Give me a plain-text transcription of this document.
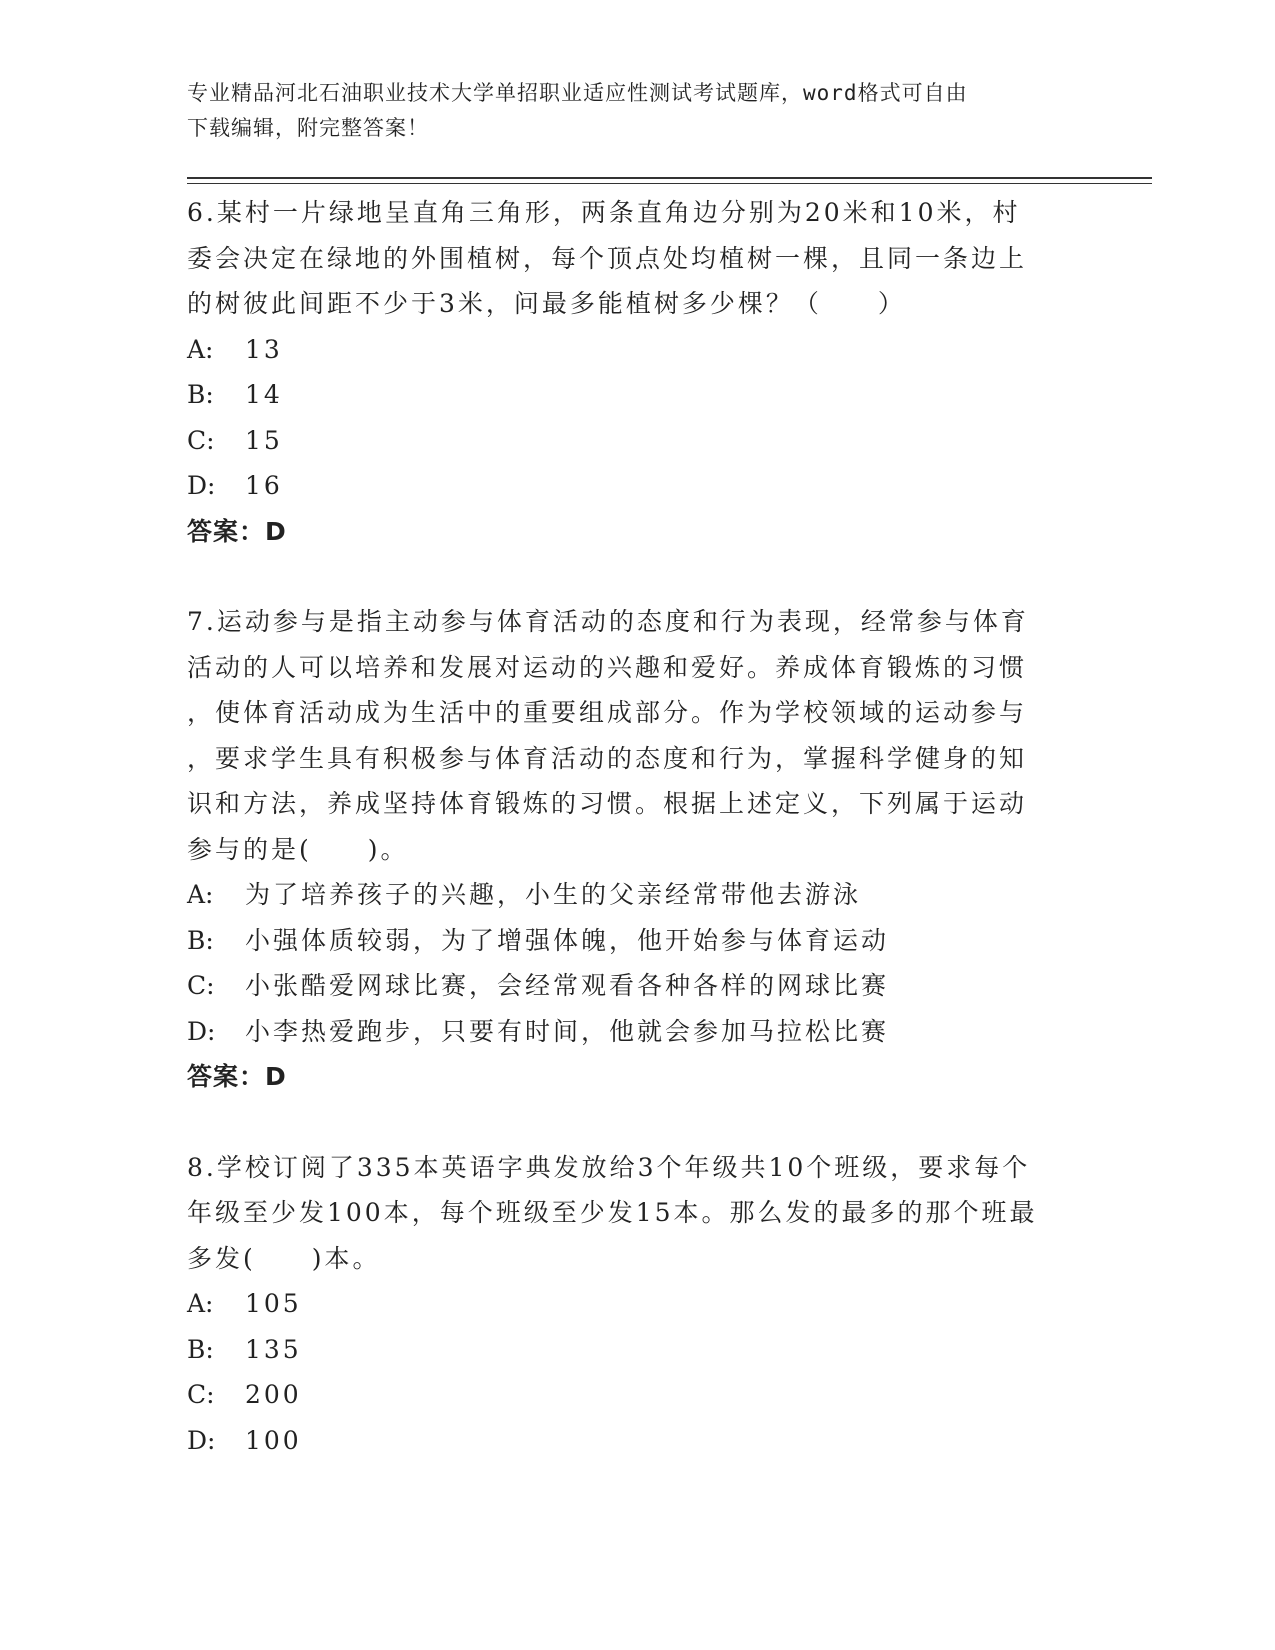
专业精品河北石油职业技术大学单招职业适应性测试考试题库，word格式可自由
下载编辑，附完整答案！
6.某村一片绿地呈直角三角形，两条直角边分别为20米和10米，村
委会决定在绿地的外围植树，每个顶点处均植树一棵，且同一条边上
的树彼此间距不少于3米，问最多能植树多少棵？（　　）
A:	13
B:	14
C:	15
D:	16
答案：D
7.运动参与是指主动参与体育活动的态度和行为表现，经常参与体育
活动的人可以培养和发展对运动的兴趣和爱好。养成体育锻炼的习惯
，使体育活动成为生活中的重要组成部分。作为学校领域的运动参与
，要求学生具有积极参与体育活动的态度和行为，掌握科学健身的知
识和方法，养成坚持体育锻炼的习惯。根据上述定义，下列属于运动
参与的是(　　)。
A:	为了培养孩子的兴趣，小生的父亲经常带他去游泳
B:	小强体质较弱，为了增强体魄，他开始参与体育运动
C:	小张酷爱网球比赛，会经常观看各种各样的网球比赛
D:	小李热爱跑步，只要有时间，他就会参加马拉松比赛
答案：D
8.学校订阅了335本英语字典发放给3个年级共10个班级，要求每个
年级至少发100本，每个班级至少发15本。那么发的最多的那个班最
多发(　　)本。
A:	105
B:	135
C:	200
D:	100
